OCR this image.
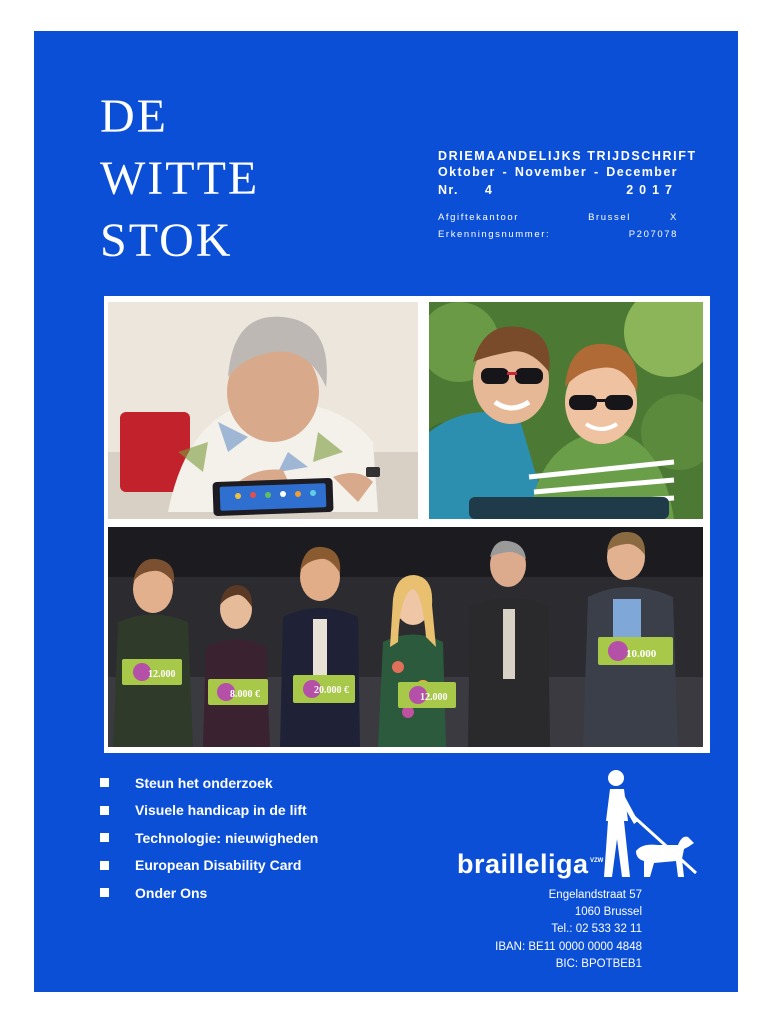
DE
WITTE
STOK
DRIEMAANDELIJKS TRIJDSCHRIFT
Oktober - November - December
Nr. 4	2017
Afgiftekantoor	Brussel	X
Erkenningsnummer:	P207078
12.000
8.000 €	20.000 €
12.000
10.000
Steun het onderzoek
Visuele handicap in de lift
Technologie: nieuwigheden
European Disability Card
Onder Ons
brailleliga VZW
Engelandstraat 57
1060 Brussel
Tel.: 02 533 32 11
IBAN: BE11 0000 0000 4848
BIC: BPOTBEB1
